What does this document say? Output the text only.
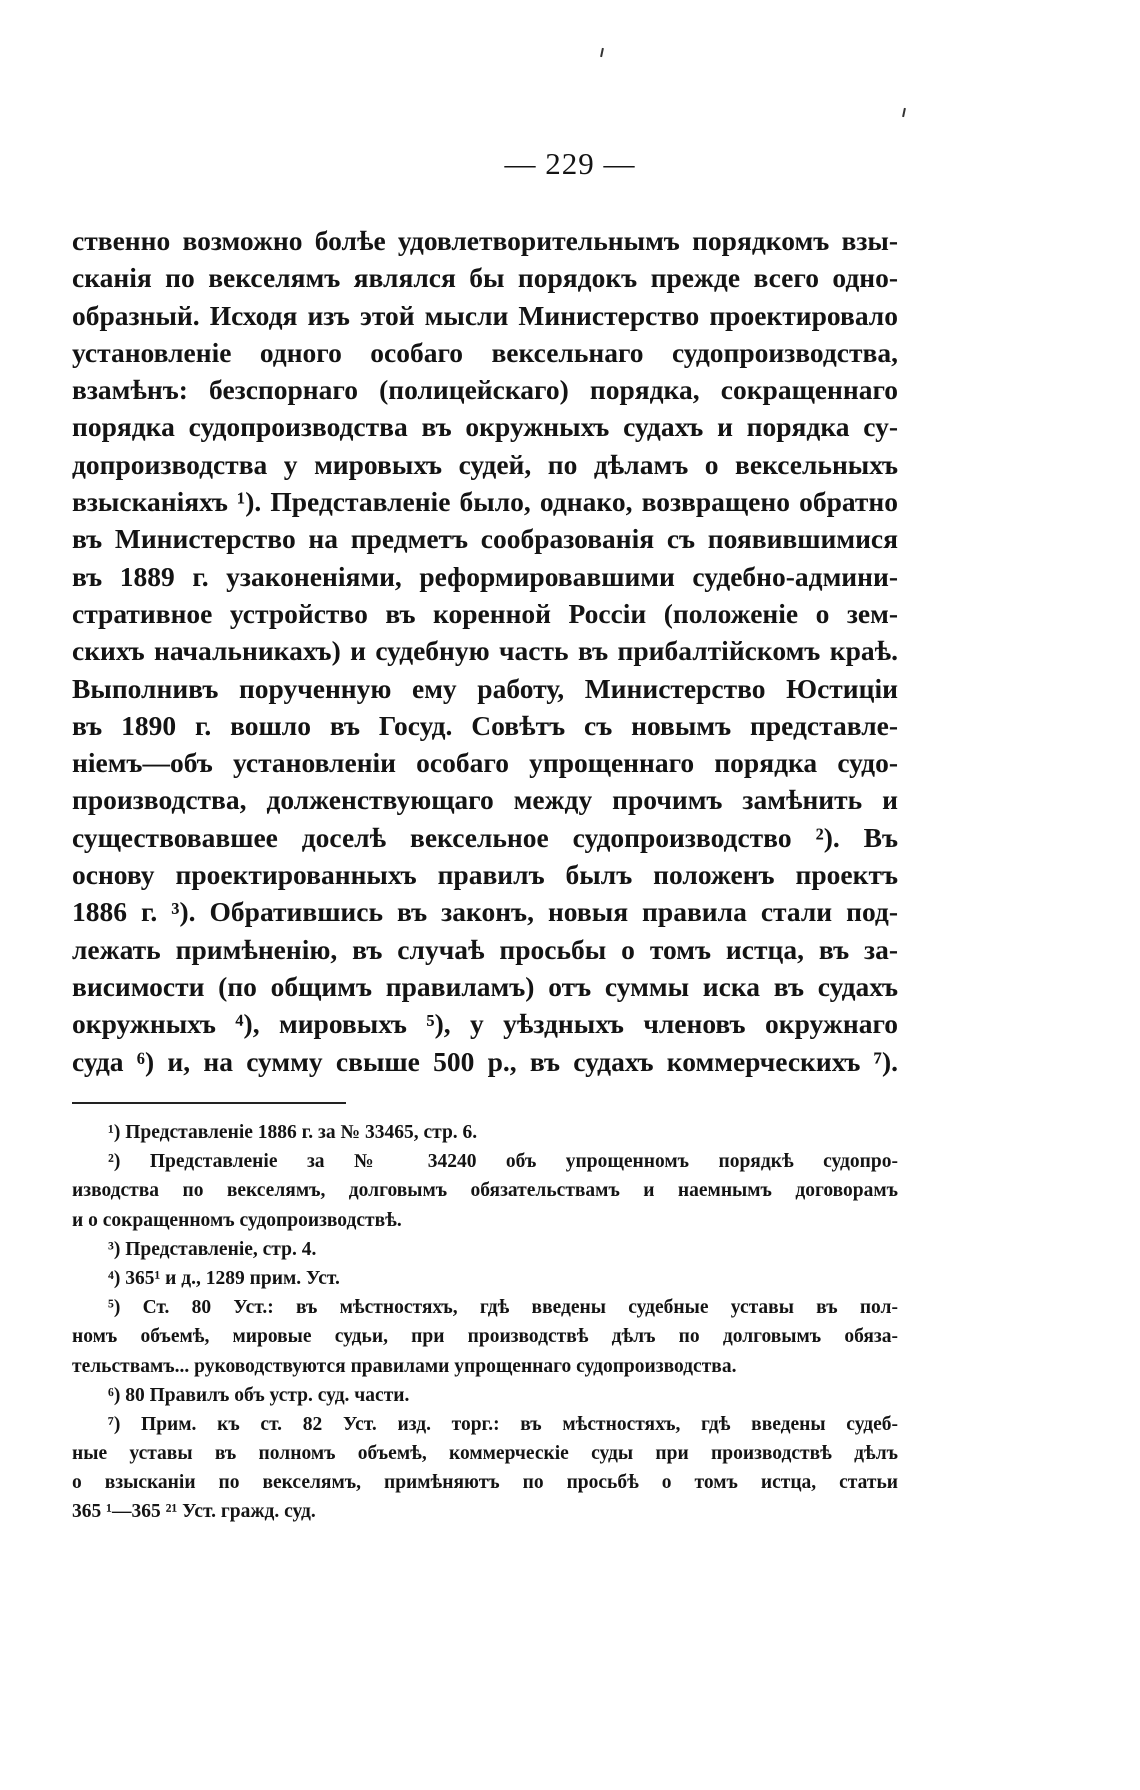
— 229 —
ственно возможно болѣе удовлетворительнымъ порядкомъ взы-
сканія по векселямъ являлся бы порядокъ прежде всего одно-
образный. Исходя изъ этой мысли Министерство проектировало
установленіе одного особаго вексельнаго судопроизводства,
взамѣнъ: безспорнаго (полицейскаго) порядка, сокращеннаго
порядка судопроизводства въ окружныхъ судахъ и порядка су-
допроизводства у мировыхъ судей, по дѣламъ о вексельныхъ
взысканіяхъ ¹). Представленіе было, однако, возвращено обратно
въ Министерство на предметъ сообразованія съ появившимися
въ 1889 г. узаконеніями, реформировавшими судебно-админи-
стративное устройство въ коренной Россіи (положеніе о зем-
скихъ начальникахъ) и судебную часть въ прибалтійскомъ краѣ.
Выполнивъ порученную ему работу, Министерство Юстиціи
въ 1890 г. вошло въ Госуд. Совѣтъ съ новымъ представле-
ніемъ—объ установленіи особаго упрощеннаго порядка судо-
производства, долженствующаго между прочимъ замѣнить и
существовавшее доселѣ вексельное судопроизводство ²). Въ
основу проектированныхъ правилъ былъ положенъ проектъ
1886 г. ³). Обратившись въ законъ, новыя правила стали под-
лежать примѣненію, въ случаѣ просьбы о томъ истца, въ за-
висимости (по общимъ правиламъ) отъ суммы иска въ судахъ
окружныхъ ⁴), мировыхъ ⁵), у уѣздныхъ членовъ окружнаго
суда ⁶) и, на сумму свыше 500 р., въ судахъ коммерческихъ ⁷).
¹) Представленіе 1886 г. за № 33465, стр. 6.
²) Представленіе за № 34240 объ упрощенномъ порядкѣ судопро-
изводства по векселямъ, долговымъ обязательствамъ и наемнымъ договорамъ
и о сокращенномъ судопроизводствѣ.
³) Представленіе, стр. 4.
⁴) 365¹ и д., 1289 прим. Уст.
⁵) Ст. 80 Уст.: въ мѣстностяхъ, гдѣ введены судебные уставы въ пол-
номъ объемѣ, мировые судьи, при производствѣ дѣлъ по долговымъ обяза-
тельствамъ... руководствуются правилами упрощеннаго судопроизводства.
⁶) 80 Правилъ объ устр. суд. части.
⁷) Прим. къ ст. 82 Уст. изд. торг.: въ мѣстностяхъ, гдѣ введены судеб-
ные уставы въ полномъ объемѣ, коммерческіе суды при производствѣ дѣлъ
о взысканіи по векселямъ, примѣняютъ по просьбѣ о томъ истца, статьи
365 ¹—365 ²¹ Уст. гражд. суд.
